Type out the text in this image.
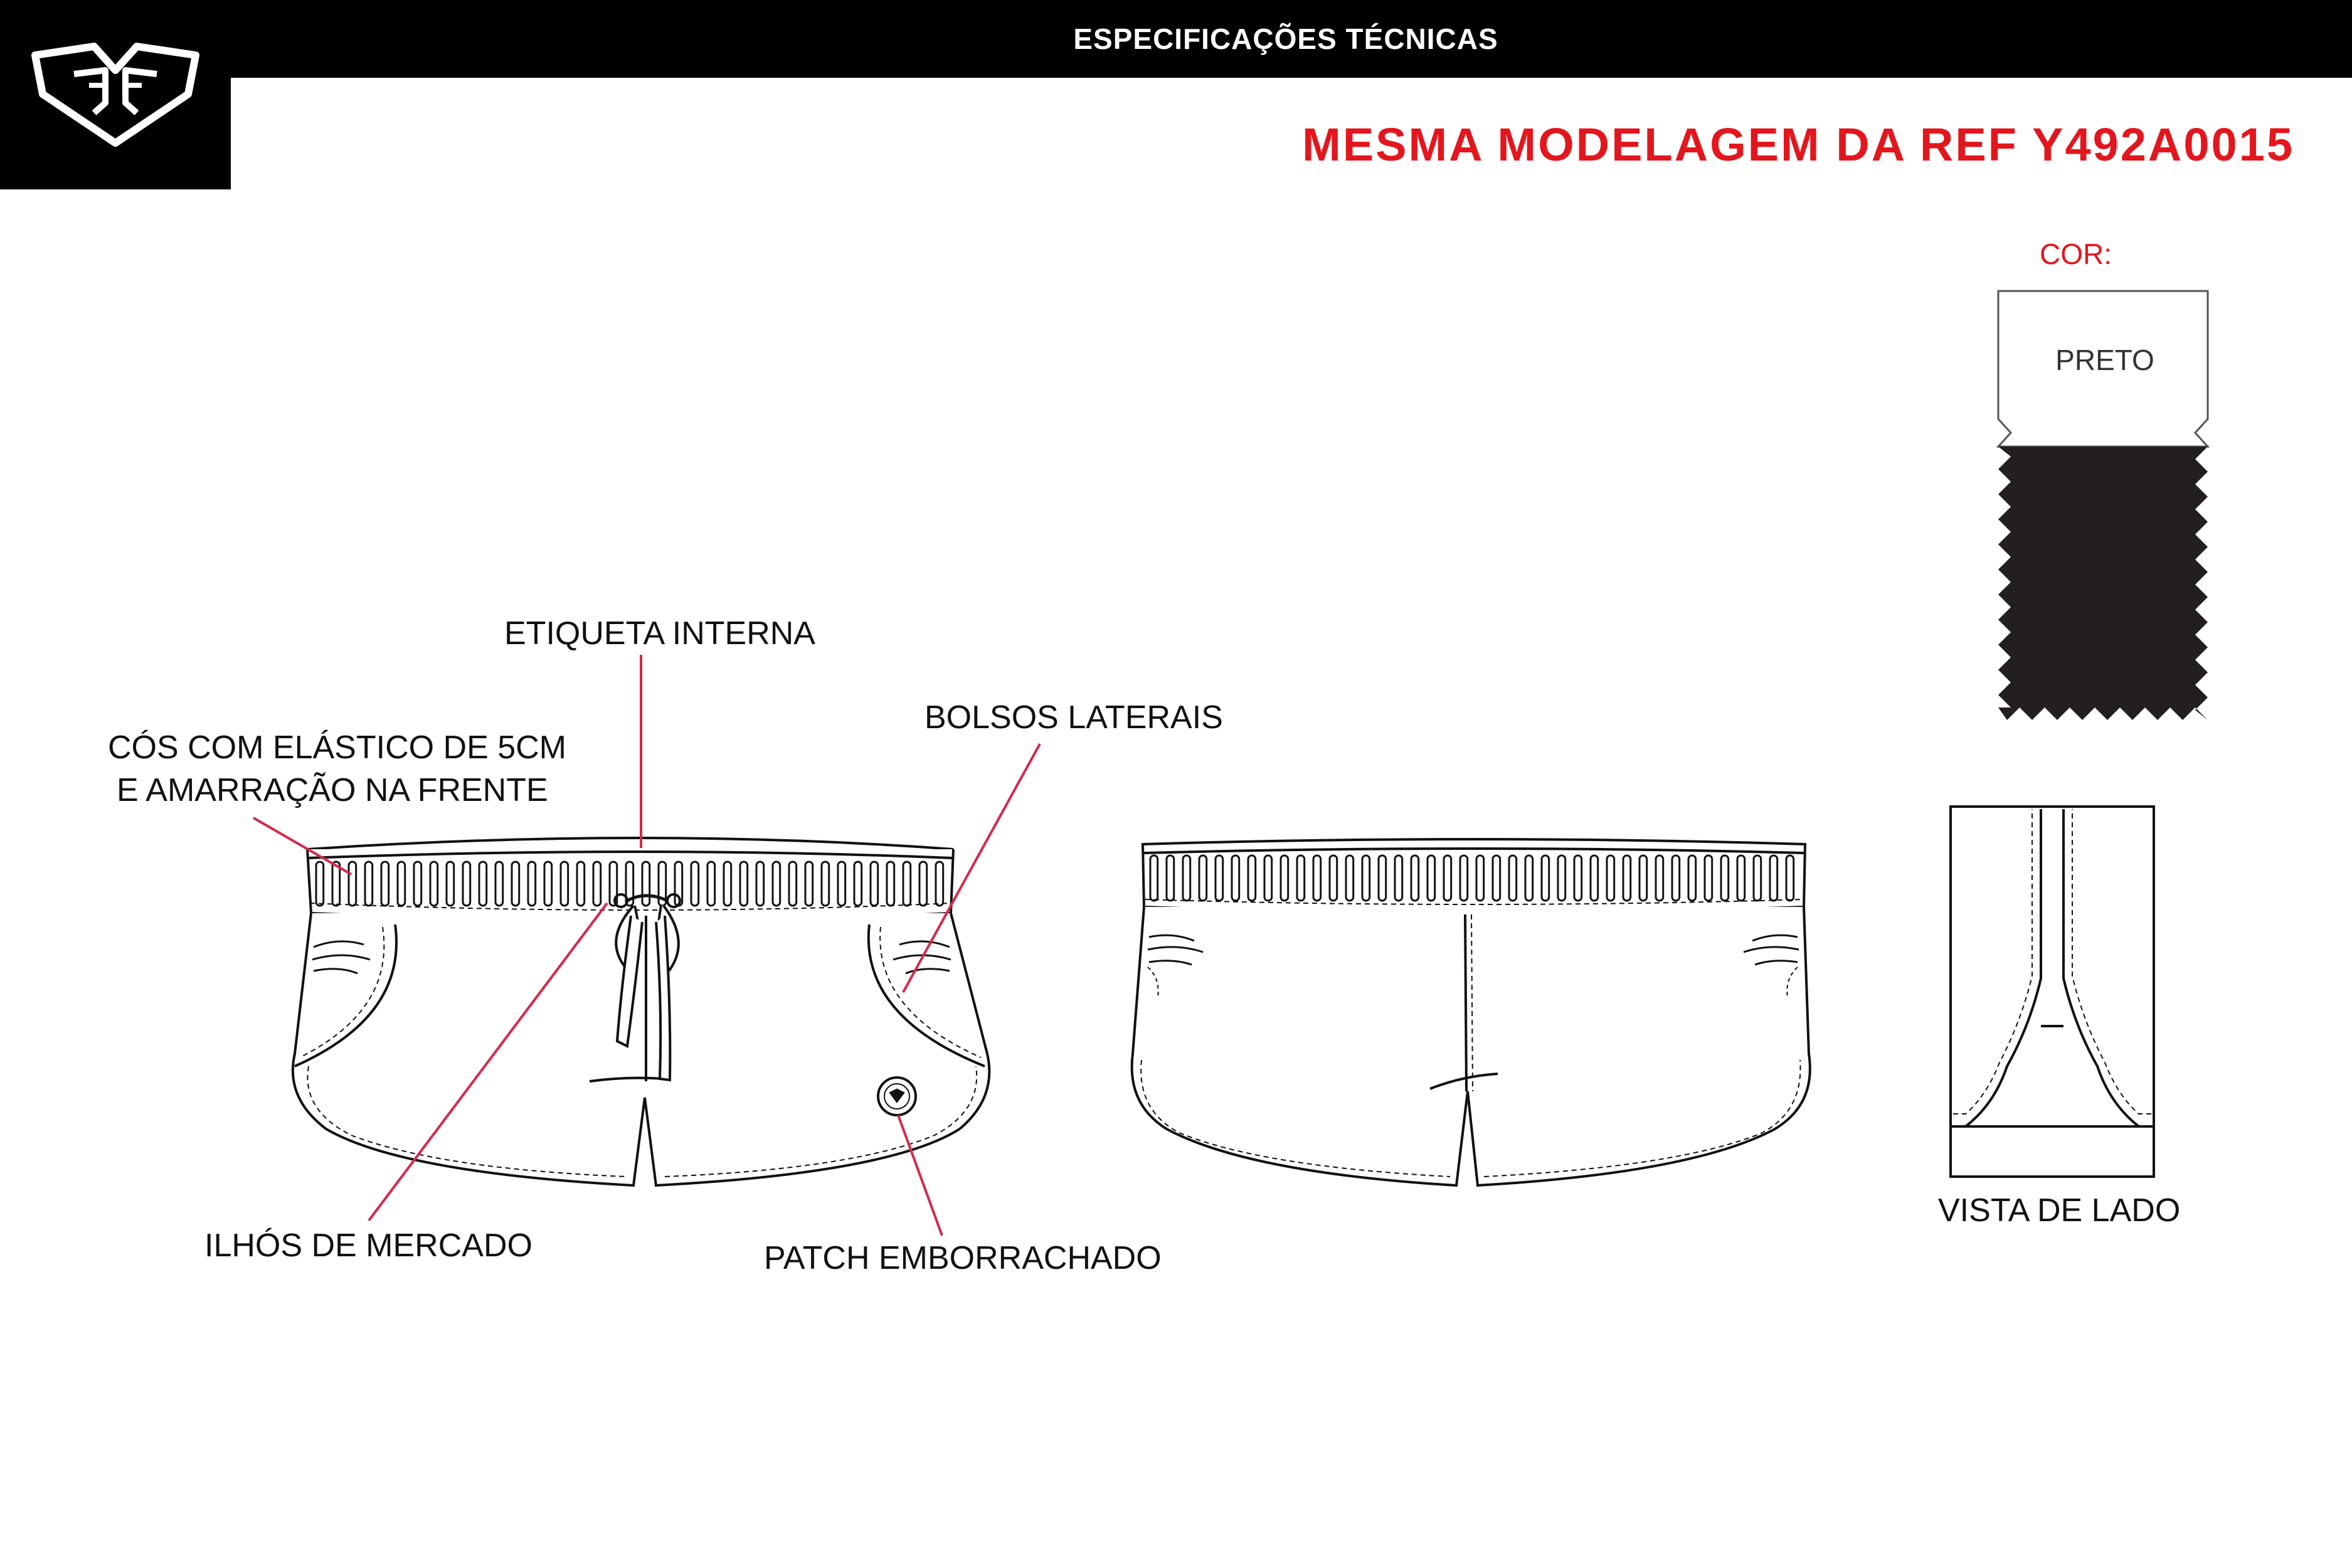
ESPECIFICAÇÕES TÉCNICAS
MESMA MODELAGEM DA REF Y492A0015
COR:
ETIQUETA INTERNA
CÓS COM ELÁSTICO DE 5CM
E AMARRAÇÃO NA FRENTE
BOLSOS LATERAIS
ILHÓS DE MERCADO	PATCH EMBORRACHADO
VISTA DE LADO
PRETO
